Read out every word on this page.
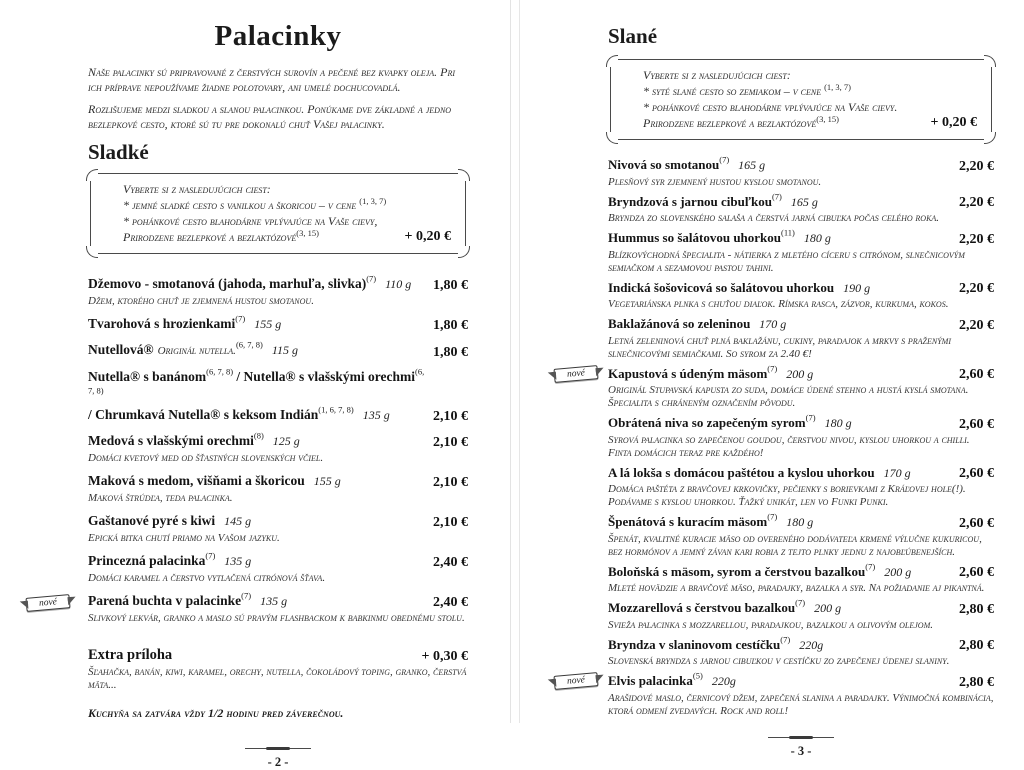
Palacinky

Naše palacinky sú pripravované z čerstvých surovín a pečené bez kvapky oleja. Pri ich príprave nepoužívame žiadne polotovary, ani umelé dochucovadlá.

Rozlišujeme medzi sladkou a slanou palacinkou. Ponúkame dve základné a jedno bezlepkové cesto, ktoré sú tu pre dokonalú chuť Vašej palacinky.

Sladké
Vyberte si z nasledujúcich ciest:
* jemné sladké cesto s vanilkou a škoricou – v cene $^{(1, 3, 7)}$
* pohánkové cesto blahodárne vplývajúce na Vaše cievy,
Prirodzene bezlepkové a bezlaktózové$^{(3, 15)}$	+ 0,20 €
Džemovo - smotanová (jahoda, marhuľa, slivka)$^{(7)}$ 110 g	1,80 €
Džem, ktorého chuť je zjemnená hustou smotanou.
Tvarohová s hrozienkami$^{(7)}$ 155 g	1,80 €
Nutellová® Originál nutella.$^{(6, 7, 8)}$ 115 g	1,80 €
Nutella® s banánom$^{(6, 7, 8)}$ / Nutella® s vlašskými orechmi$^{(6, 7, 8)}$
/ Chrumkavá Nutella® s keksom Indián$^{(1, 6, 7, 8)}$ 135 g	2,10 €
Medová s vlašskými orechmi$^{(8)}$ 125 g	2,10 €
Domáci kvetový med od šťastných slovenských včiel.
Maková s medom, višňami a škoricou 155 g	2,10 €
Maková štrúdľa, teda palacinka.
Gaštanové pyré s kiwi 145 g	2,10 €
Epická bitka chutí priamo na Vašom jazyku.
Princezná palacinka$^{(7)}$ 135 g	2,40 €
Domáci karamel a čerstvo vytlačená citrónová šťava.
nové	Parená buchta v palacinke$^{(7)}$ 135 g	2,40 €
Slivkový lekvár, granko a maslo sú pravým flashbackom k babkinmu obednému stolu.
Extra príloha	+ 0,30 €
Šľahačka, banán, kiwi, karamel, orechy, nutella, čokoládový toping, granko, čerstvá mäta...
Kuchyňa sa zatvára vždy 1/2 hodinu pred záverečnou.
- 2 -
Slané
Vyberte si z nasledujúcich ciest:
* syté slané cesto so zemiakom – v cene $^{(1, 3, 7)}$
* pohánkové cesto blahodárne vplývajúce na Vaše cievy.
Prirodzene bezlepkové a bezlaktózové$^{(3, 15)}$	+ 0,20 €
Nivová so smotanou$^{(7)}$ 165 g	2,20 €
Plesňový syr zjemnený hustou kyslou smotanou.
Bryndzová s jarnou cibuľkou$^{(7)}$ 165 g	2,20 €
Bryndza zo slovenského salaša a čerstvá jarná cibuľka počas celého roka.
Hummus so šalátovou uhorkou$^{(11)}$ 180 g	2,20 €
Blízkovýchodná špecialita - nátierka z mletého cíceru s citrónom, slnečnicovým semiačkom a sezamovou pastou tahini.
Indická šošovicová so šalátovou uhorkou 190 g	2,20 €
Vegetariánska plnka s chuťou diaľok. Rímska rasca, zázvor, kurkuma, kokos.
Baklažánová so zeleninou 170 g	2,20 €
Letná zeleninová chuť plná baklažánu, cukiny, paradajok a mrkvy s praženými slnečnicovými semiačkami. So syrom za 2.40 €!
nové	Kapustová s údeným mäsom$^{(7)}$ 200 g	2,60 €
Originál Stupavská kapusta zo suda, domáce údené stehno a hustá kyslá smotana. Špecialita s chráneným označením pôvodu.
Obrátená niva so zapečeným syrom$^{(7)}$ 180 g	2,60 €
Syrová palacinka so zapečenou goudou, čerstvou nivou, kyslou uhorkou a chilli. Finta domácich teraz pre každého!
A lá lokša s domácou paštétou a kyslou uhorkou 170 g	2,60 €
Domáca paštéta z bravčovej krkovičky, pečienky s borievkami z Kráľovej hole(!). Podávame s kyslou uhorkou. Ťažký unikát, len vo Funki Punki.
Špenátová s kuracím mäsom$^{(7)}$ 180 g	2,60 €
Špenát, kvalitné kuracie mäso od overeného dodávateľa krmené výlučne kukuricou, bez hormónov a jemný závan kari robia z tejto plnky jednu z najobľúbenejších.
Boloňská s mäsom, syrom a čerstvou bazalkou$^{(7)}$ 200 g	2,60 €
Mleté hovädzie a bravčové mäso, paradajky, bazalka a syr. Na požiadanie aj pikantná.
Mozzarellová s čerstvou bazalkou$^{(7)}$ 200 g	2,80 €
Svieža palacinka s mozzarellou, paradajkou, bazalkou a olivovým olejom.
Bryndza v slaninovom cestíčku$^{(7)}$ 220g	2,80 €
Slovenská bryndza s jarnou cibuľkou v cestíčku zo zapečenej údenej slaniny.
nové	Elvis palacinka$^{(5)}$ 220g	2,80 €
Arašidové maslo, černicový džem, zapečená slanina a paradajky. Výnimočná kombinácia, ktorá odmení zvedavých. Rock and roll!
- 3 -
